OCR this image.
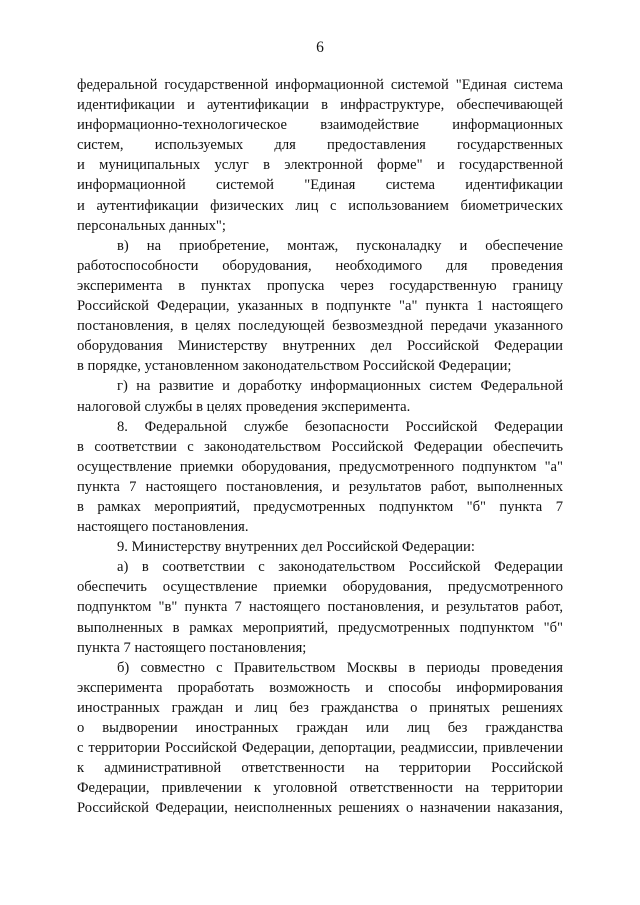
6
федеральной государственной информационной системой "Единая система
идентификации и аутентификации в инфраструктуре, обеспечивающей
информационно-технологическое взаимодействие информационных
систем, используемых для предоставления государственных
и муниципальных услуг в электронной форме" и государственной
информационной системой "Единая система идентификации
и аутентификации физических лиц с использованием биометрических
персональных данных";
в) на приобретение, монтаж, пусконаладку и обеспечение
работоспособности оборудования, необходимого для проведения
эксперимента в пунктах пропуска через государственную границу
Российской Федерации, указанных в подпункте "а" пункта 1 настоящего
постановления, в целях последующей безвозмездной передачи указанного
оборудования Министерству внутренних дел Российской Федерации
в порядке, установленном законодательством Российской Федерации;
г) на развитие и доработку информационных систем Федеральной
налоговой службы в целях проведения эксперимента.
8. Федеральной службе безопасности Российской Федерации
в соответствии с законодательством Российской Федерации обеспечить
осуществление приемки оборудования, предусмотренного подпунктом "а"
пункта 7 настоящего постановления, и результатов работ, выполненных
в рамках мероприятий, предусмотренных подпунктом "б" пункта 7
настоящего постановления.
9. Министерству внутренних дел Российской Федерации:
а) в соответствии с законодательством Российской Федерации
обеспечить осуществление приемки оборудования, предусмотренного
подпунктом "в" пункта 7 настоящего постановления, и результатов работ,
выполненных в рамках мероприятий, предусмотренных подпунктом "б"
пункта 7 настоящего постановления;
б) совместно с Правительством Москвы в периоды проведения
эксперимента проработать возможность и способы информирования
иностранных граждан и лиц без гражданства о принятых решениях
о выдворении иностранных граждан или лиц без гражданства
с территории Российской Федерации, депортации, реадмиссии, привлечении
к административной ответственности на территории Российской
Федерации, привлечении к уголовной ответственности на территории
Российской Федерации, неисполненных решениях о назначении наказания,
